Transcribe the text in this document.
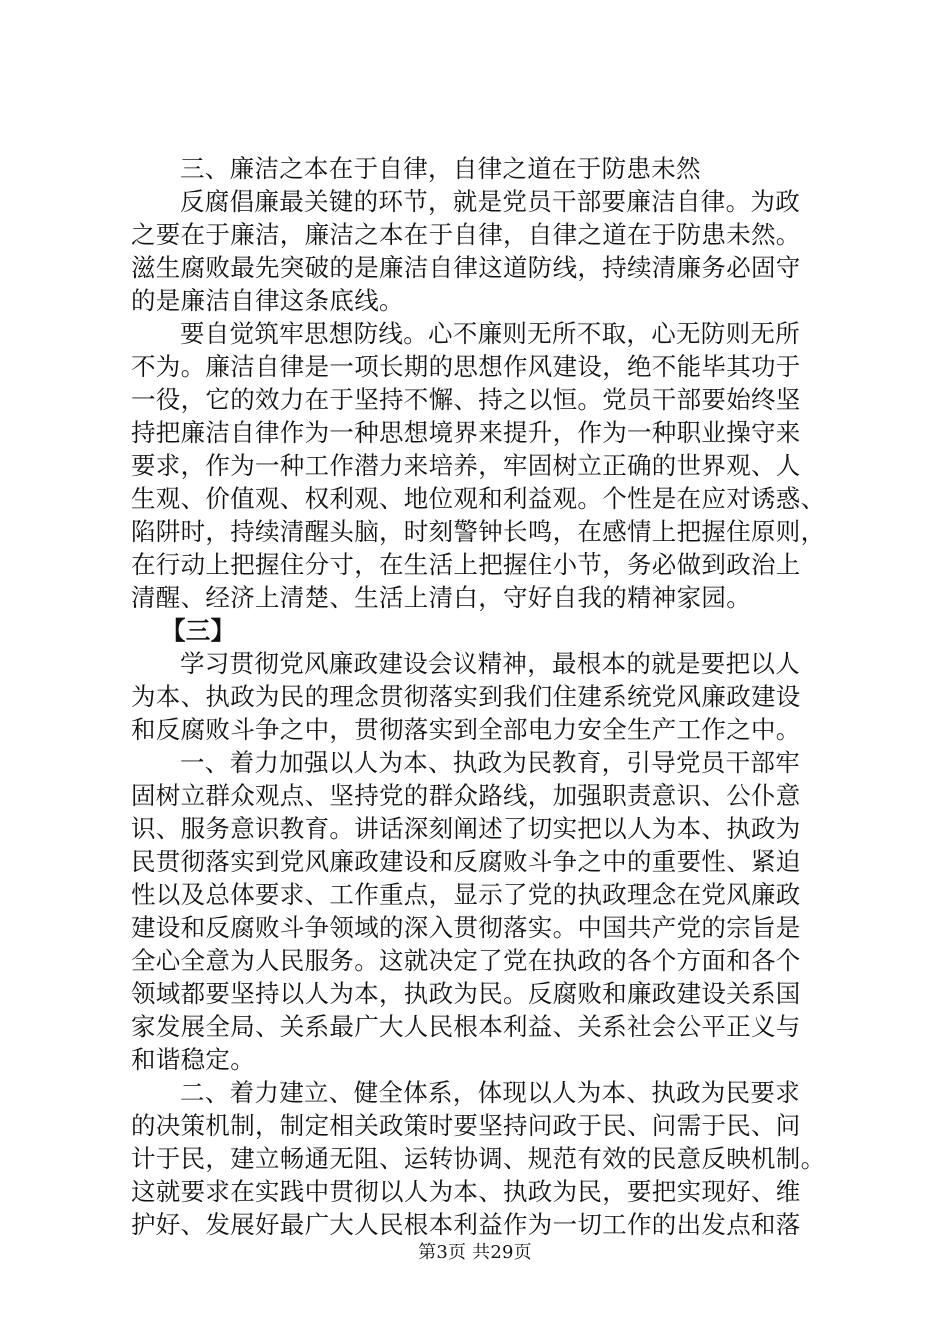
三、廉洁之本在于自律，自律之道在于防患未然
反腐倡廉最关键的环节，就是党员干部要廉洁自律。为政
之要在于廉洁，廉洁之本在于自律，自律之道在于防患未然。
滋生腐败最先突破的是廉洁自律这道防线，持续清廉务必固守
的是廉洁自律这条底线。
要自觉筑牢思想防线。心不廉则无所不取，心无防则无所
不为。廉洁自律是一项长期的思想作风建设，绝不能毕其功于
一役，它的效力在于坚持不懈、持之以恒。党员干部要始终坚
持把廉洁自律作为一种思想境界来提升，作为一种职业操守来
要求，作为一种工作潜力来培养，牢固树立正确的世界观、人
生观、价值观、权利观、地位观和利益观。个性是在应对诱惑、
陷阱时，持续清醒头脑，时刻警钟长鸣，在感情上把握住原则，
在行动上把握住分寸，在生活上把握住小节，务必做到政治上
清醒、经济上清楚、生活上清白，守好自我的精神家园。
【三】
学习贯彻党风廉政建设会议精神，最根本的就是要把以人
为本、执政为民的理念贯彻落实到我们住建系统党风廉政建设
和反腐败斗争之中，贯彻落实到全部电力安全生产工作之中。
一、着力加强以人为本、执政为民教育，引导党员干部牢
固树立群众观点、坚持党的群众路线，加强职责意识、公仆意
识、服务意识教育。讲话深刻阐述了切实把以人为本、执政为
民贯彻落实到党风廉政建设和反腐败斗争之中的重要性、紧迫
性以及总体要求、工作重点，显示了党的执政理念在党风廉政
建设和反腐败斗争领域的深入贯彻落实。中国共产党的宗旨是
全心全意为人民服务。这就决定了党在执政的各个方面和各个
领域都要坚持以人为本，执政为民。反腐败和廉政建设关系国
家发展全局、关系最广大人民根本利益、关系社会公平正义与
和谐稳定。
二、着力建立、健全体系，体现以人为本、执政为民要求
的决策机制，制定相关政策时要坚持问政于民、问需于民、问
计于民，建立畅通无阻、运转协调、规范有效的民意反映机制。
这就要求在实践中贯彻以人为本、执政为民，要把实现好、维
护好、发展好最广大人民根本利益作为一切工作的出发点和落
第3页 共29页
